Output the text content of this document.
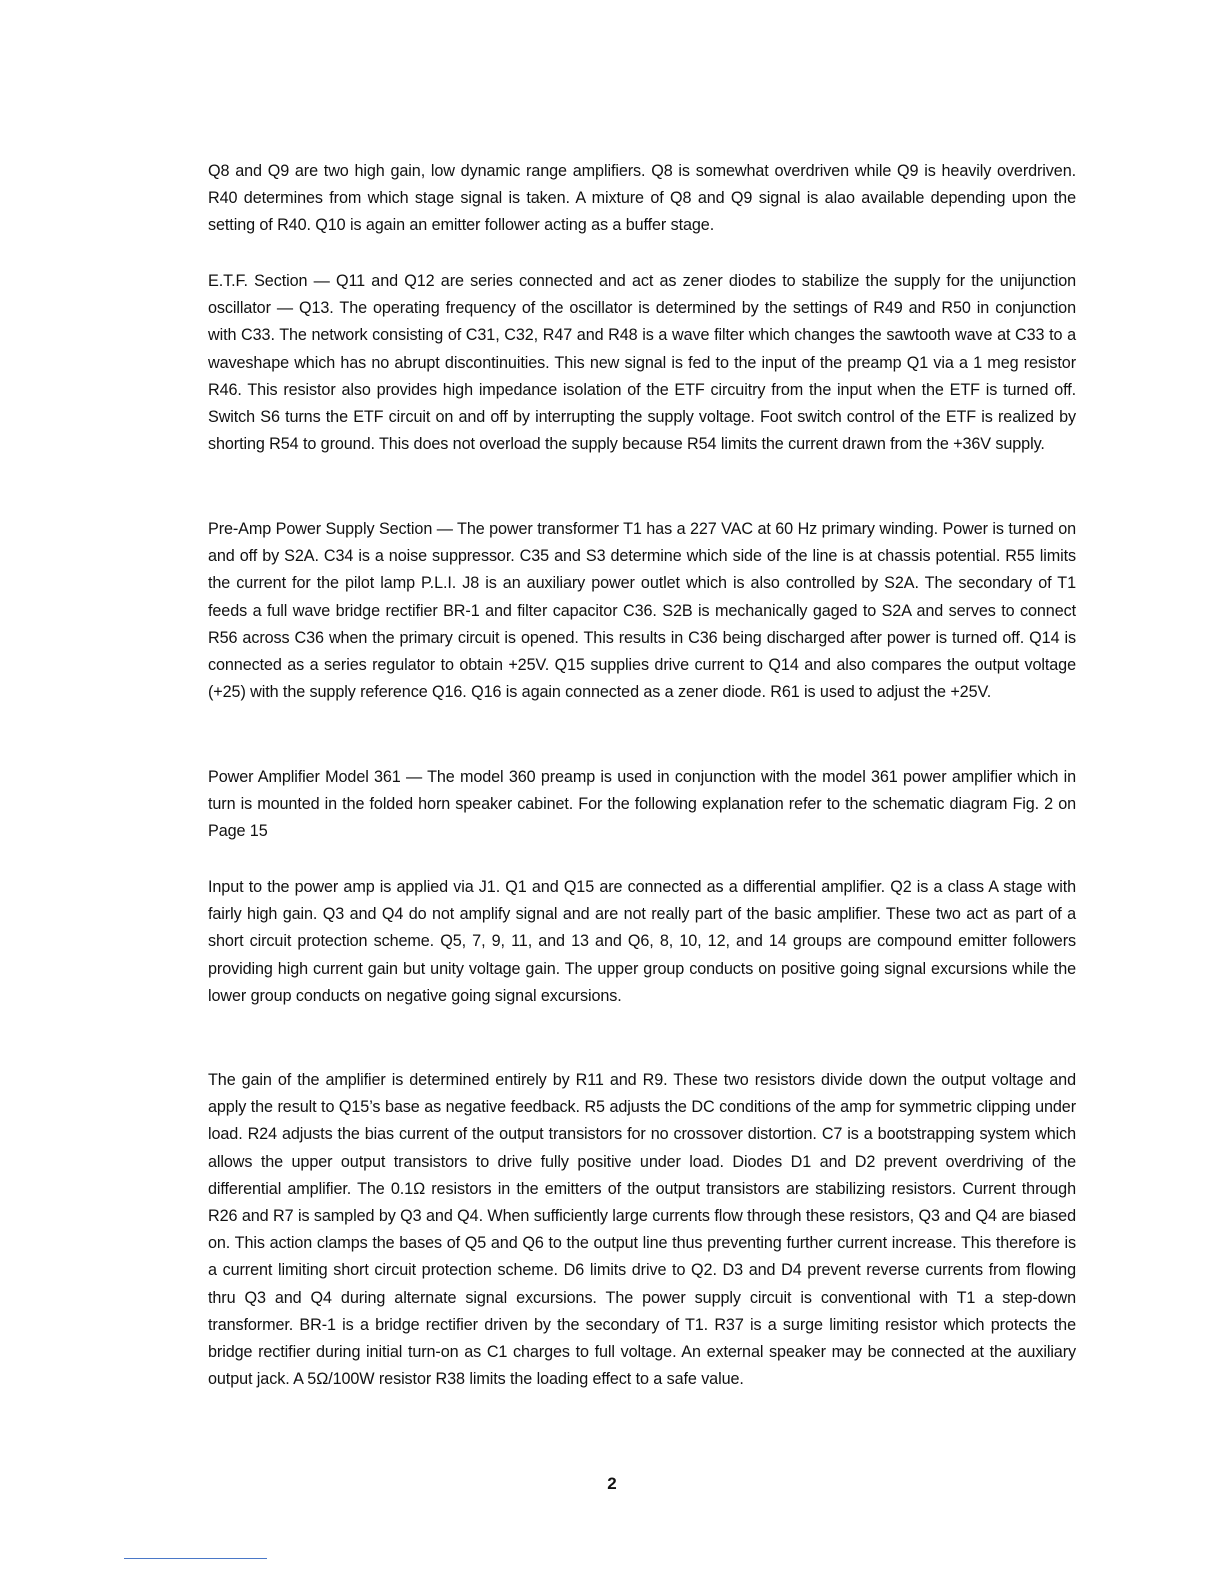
Q8 and Q9 are two high gain, low dynamic range amplifiers. Q8 is somewhat overdriven while Q9 is heavily overdriven. R40 determines from which stage signal is taken. A mixture of Q8 and Q9 signal is alao available depending upon the setting of R40. Q10 is again an emitter follower acting as a buffer stage.

E.T.F. Section — Q11 and Q12 are series connected and act as zener diodes to stabilize the supply for the unijunction oscillator — Q13. The operating frequency of the oscillator is determined by the settings of R49 and R50 in conjunction with C33. The network consisting of C31, C32, R47 and R48 is a wave filter which changes the sawtooth wave at C33 to a waveshape which has no abrupt discontinuities. This new signal is fed to the input of the preamp Q1 via a 1 meg resistor R46. This resistor also provides high impedance isolation of the ETF circuitry from the input when the ETF is turned off. Switch S6 turns the ETF circuit on and off by interrupting the supply voltage. Foot switch control of the ETF is realized by shorting R54 to ground. This does not overload the supply because R54 limits the current drawn from the +36V supply.

Pre-Amp Power Supply Section — The power transformer T1 has a 227 VAC at 60 Hz primary winding. Power is turned on and off by S2A. C34 is a noise suppressor. C35 and S3 determine which side of the line is at chassis potential. R55 limits the current for the pilot lamp P.L.I. J8 is an auxiliary power outlet which is also controlled by S2A. The secondary of T1 feeds a full wave bridge rectifier BR-1 and filter capacitor C36. S2B is mechanically gaged to S2A and serves to connect R56 across C36 when the primary circuit is opened. This results in C36 being discharged after power is turned off. Q14 is connected as a series regulator to obtain +25V. Q15 supplies drive current to Q14 and also compares the output voltage (+25) with the supply reference Q16. Q16 is again connected as a zener diode. R61 is used to adjust the +25V.

Power Amplifier Model 361 — The model 360 preamp is used in conjunction with the model 361 power amplifier which in turn is mounted in the folded horn speaker cabinet. For the following explanation refer to the schematic diagram Fig. 2 on Page 15

Input to the power amp is applied via J1. Q1 and Q15 are connected as a differential amplifier. Q2 is a class A stage with fairly high gain. Q3 and Q4 do not amplify signal and are not really part of the basic amplifier. These two act as part of a short circuit protection scheme. Q5, 7, 9, 11, and 13 and Q6, 8, 10, 12, and 14 groups are compound emitter followers providing high current gain but unity voltage gain. The upper group conducts on positive going signal excursions while the lower group conducts on negative going signal excursions.

The gain of the amplifier is determined entirely by R11 and R9. These two resistors divide down the output voltage and apply the result to Q15’s base as negative feedback. R5 adjusts the DC conditions of the amp for symmetric clipping under load. R24 adjusts the bias current of the output transistors for no crossover distortion. C7 is a bootstrapping system which allows the upper output transistors to drive fully positive under load. Diodes D1 and D2 prevent overdriving of the differential amplifier. The 0.1Ω resistors in the emitters of the output transistors are stabilizing resistors. Current through R26 and R7 is sampled by Q3 and Q4. When sufficiently large currents flow through these resistors, Q3 and Q4 are biased on. This action clamps the bases of Q5 and Q6 to the output line thus preventing further current increase. This therefore is a current limiting short circuit protection scheme. D6 limits drive to Q2. D3 and D4 prevent reverse currents from flowing thru Q3 and Q4 during alternate signal excursions. The power supply circuit is conventional with T1 a step-down transformer. BR-1 is a bridge rectifier driven by the secondary of T1. R37 is a surge limiting resistor which protects the bridge rectifier during initial turn-on as C1 charges to full voltage. An external speaker may be connected at the auxiliary output jack. A 5Ω/100W resistor R38 limits the loading effect to a safe value.

2
